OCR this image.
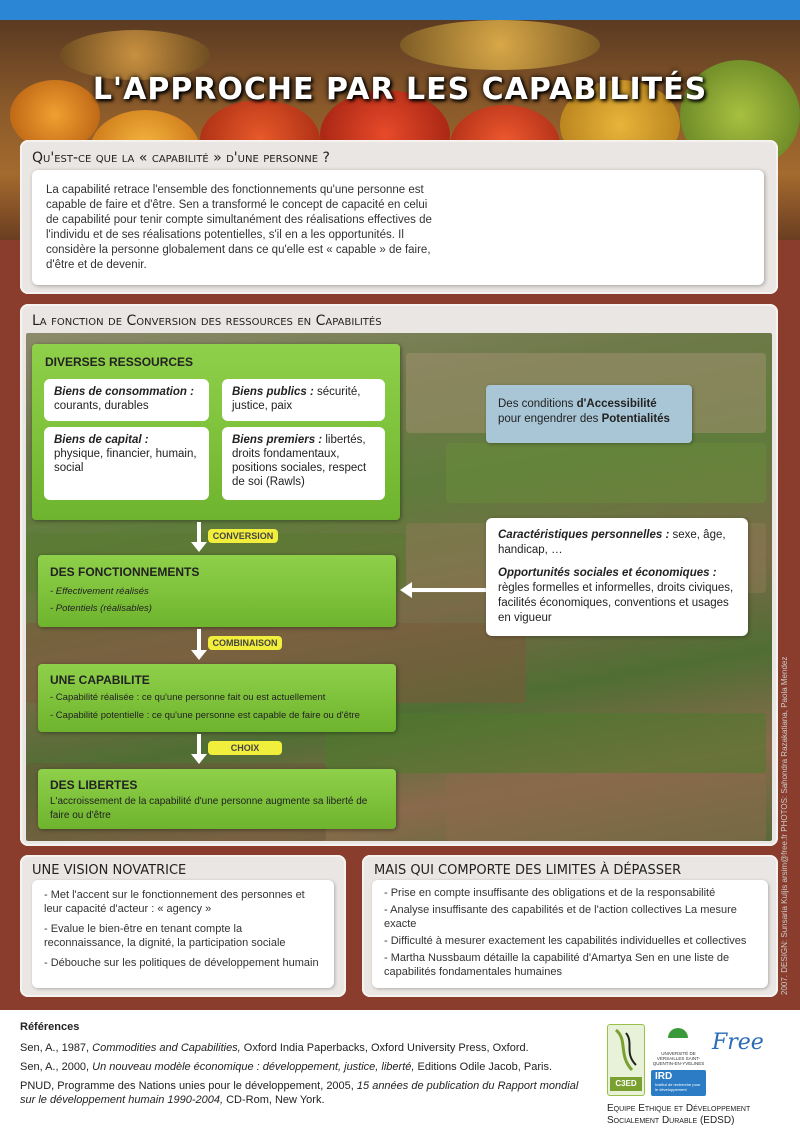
L'APPROCHE PAR LES CAPABILITÉS
Qu'est-ce que la « capabilité » d'une personne ?
La capabilité retrace l'ensemble des fonctionnements qu'une personne est capable de faire et d'être. Sen a transformé le concept de capacité en celui de capabilité pour tenir compte simultanément des réalisations effectives de l'individu et de ses réalisations potentielles, s'il en a les opportunités. Il considère la personne globalement dans ce qu'elle est « capable » de faire, d'être et de devenir.
La fonction de Conversion des ressources en Capabilités
DIVERSES RESSOURCES
Biens de consommation :
courants, durables
Biens publics : sécurité, justice, paix
Biens de capital : physique, financier, humain, social
Biens premiers : libertés, droits fondamentaux, positions sociales, respect de soi (Rawls)
Des conditions d'Accessibilité pour engendrer des Potentialités
CONVERSION
DES FONCTIONNEMENTS
- Effectivement réalisés
- Potentiels (réalisables)
Caractéristiques personnelles : sexe, âge, handicap, …
Opportunités sociales et économiques : règles formelles et informelles, droits civiques, facilités économiques, conventions et usages en vigueur
COMBINAISON
UNE CAPABILITE
- Capabilité réalisée : ce qu'une personne fait ou est actuellement
- Capabilité potentielle : ce qu'une personne est capable de faire ou d'être
CHOIX
DES LIBERTES
L'accroissement de la capabilité d'une personne augmente sa liberté de faire ou d'être
UNE VISION NOVATRICE

- Met l'accent sur le fonctionnement des personnes et leur capacité d'acteur : « agency »

- Evalue le bien-être en tenant compte la reconnaissance, la dignité, la participation sociale

- Débouche sur les politiques de développement humain

MAIS QUI COMPORTE DES LIMITES À DÉPASSER

- Prise en compte insuffisante des obligations et de la responsabilité

- Analyse insuffisante des capabilités et de l'action collectives La mesure exacte

- Difficulté à mesurer exactement les capabilités individuelles et collectives

- Martha Nussbaum détaille la capabilité d'Amartya Sen en une liste de capabilités fondamentales humaines	2007. DESIGN: Sunsaria Kuljis arsim@free.fr PHOTOS: Sahondra Razakatiana, Paola Mendez

Références

Sen, A., 1987, Commodities and Capabilities, Oxford India Paperbacks, Oxford University Press, Oxford.

Sen, A., 2000, Un nouveau modèle économique : développement, justice, liberté, Editions Odile Jacob, Paris.

PNUD, Programme des Nations unies pour le développement, 2005, 15 années de publication du Rapport mondial sur le développement humain 1990-2004, CD-Rom, New York.

C3ED
UNIVERSITÉ DE VERSAILLES SAINT-QUENTIN-EN-YVELINES
IRD
Institut de recherche pour le développement
Free
Equipe Ethique et Développement
Socialement Durable (EDSD)
